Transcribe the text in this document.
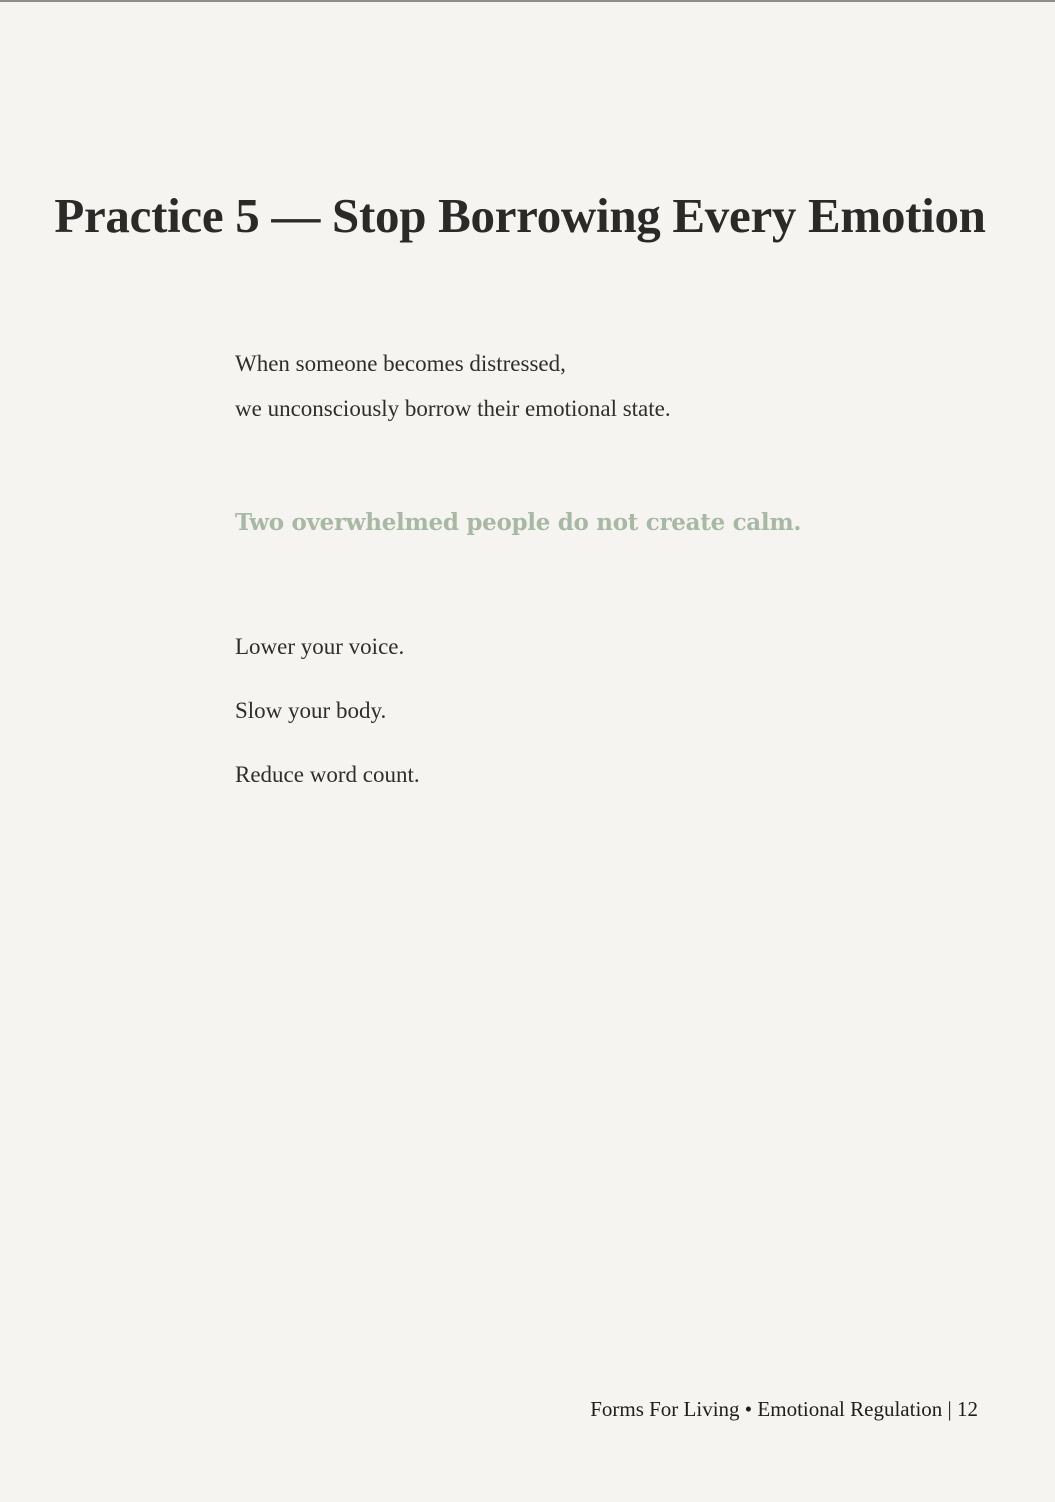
Practice 5 — Stop Borrowing Every Emotion
When someone becomes distressed,
we unconsciously borrow their emotional state.
Two overwhelmed people do not create calm.
Lower your voice.
Slow your body.
Reduce word count.
Forms For Living • Emotional Regulation | 12
